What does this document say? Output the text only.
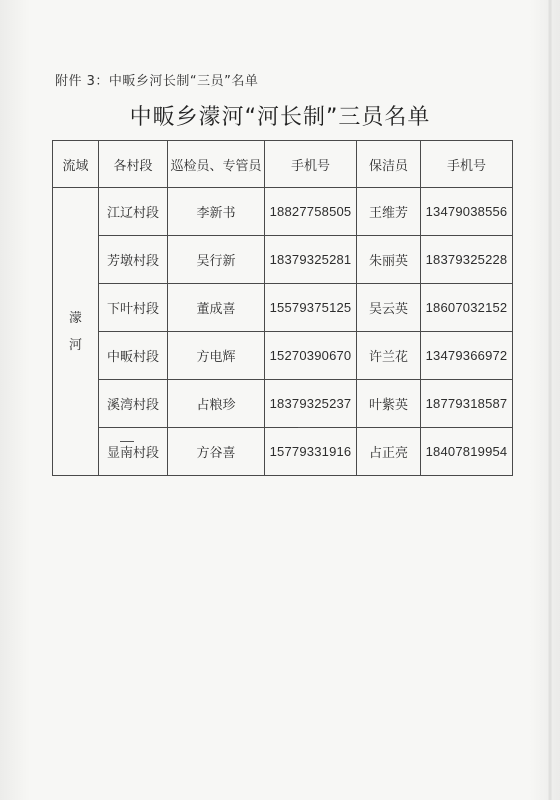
附件 3：中畈乡河长制“三员”名单
中畈乡濛河“河长制”三员名单
流域	各村段	巡检员、专管员	手机号	保洁员	手机号

濛
河	江辽村段	李新书	18827758505	王维芳	13479038556
	芳墩村段	吴行新	18379325281	朱丽英	18379325228
	下叶村段	董成喜	15579375125	吴云英	18607032152
	中畈村段	方电辉	15270390670	许兰花	13479366972
	溪湾村段	占粮珍	18379325237	叶紫英	18779318587
	显南村段	方谷喜	15779331916	占正亮	18407819954
